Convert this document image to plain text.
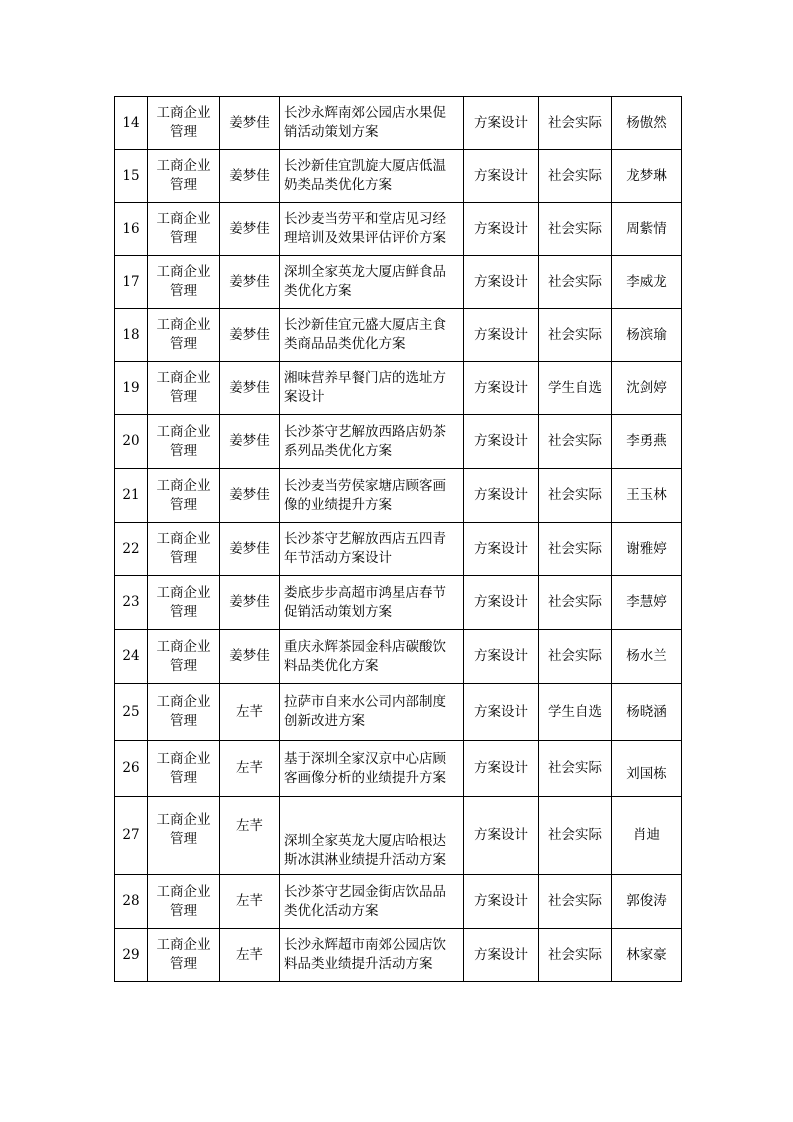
14	工商企业管理	姜梦佳	长沙永辉南郊公园店水果促销活动策划方案	方案设计	社会实际	杨傲然
15	工商企业管理	姜梦佳	长沙新佳宜凯旋大厦店低温奶类品类优化方案	方案设计	社会实际	龙梦琳
16	工商企业管理	姜梦佳	长沙麦当劳平和堂店见习经理培训及效果评估评价方案	方案设计	社会实际	周紫情
17	工商企业管理	姜梦佳	深圳全家英龙大厦店鲜食品类优化方案	方案设计	社会实际	李威龙
18	工商企业管理	姜梦佳	长沙新佳宜元盛大厦店主食类商品品类优化方案	方案设计	社会实际	杨滨瑜
19	工商企业管理	姜梦佳	湘味营养早餐门店的选址方案设计	方案设计	学生自选	沈剑婷
20	工商企业管理	姜梦佳	长沙茶守艺解放西路店奶茶系列品类优化方案	方案设计	社会实际	李勇燕
21	工商企业管理	姜梦佳	长沙麦当劳侯家塘店顾客画像的业绩提升方案	方案设计	社会实际	王玉林
22	工商企业管理	姜梦佳	长沙茶守艺解放西店五四青年节活动方案设计	方案设计	社会实际	谢雅婷
23	工商企业管理	姜梦佳	娄底步步高超市鸿星店春节促销活动策划方案	方案设计	社会实际	李慧婷
24	工商企业管理	姜梦佳	重庆永辉茶园金科店碳酸饮料品类优化方案	方案设计	社会实际	杨水兰
25	工商企业管理	左芊	拉萨市自来水公司内部制度创新改进方案	方案设计	学生自选	杨晓涵
26	工商企业管理	左芊	基于深圳全家汉京中心店顾客画像分析的业绩提升方案	方案设计	社会实际	刘国栋
27	工商企业管理	左芊	深圳全家英龙大厦店哈根达斯冰淇淋业绩提升活动方案	方案设计	社会实际	肖迪
28	工商企业管理	左芊	长沙茶守艺园金街店饮品品类优化活动方案	方案设计	社会实际	郭俊涛
29	工商企业管理	左芊	长沙永辉超市南郊公园店饮料品类业绩提升活动方案	方案设计	社会实际	林家豪
